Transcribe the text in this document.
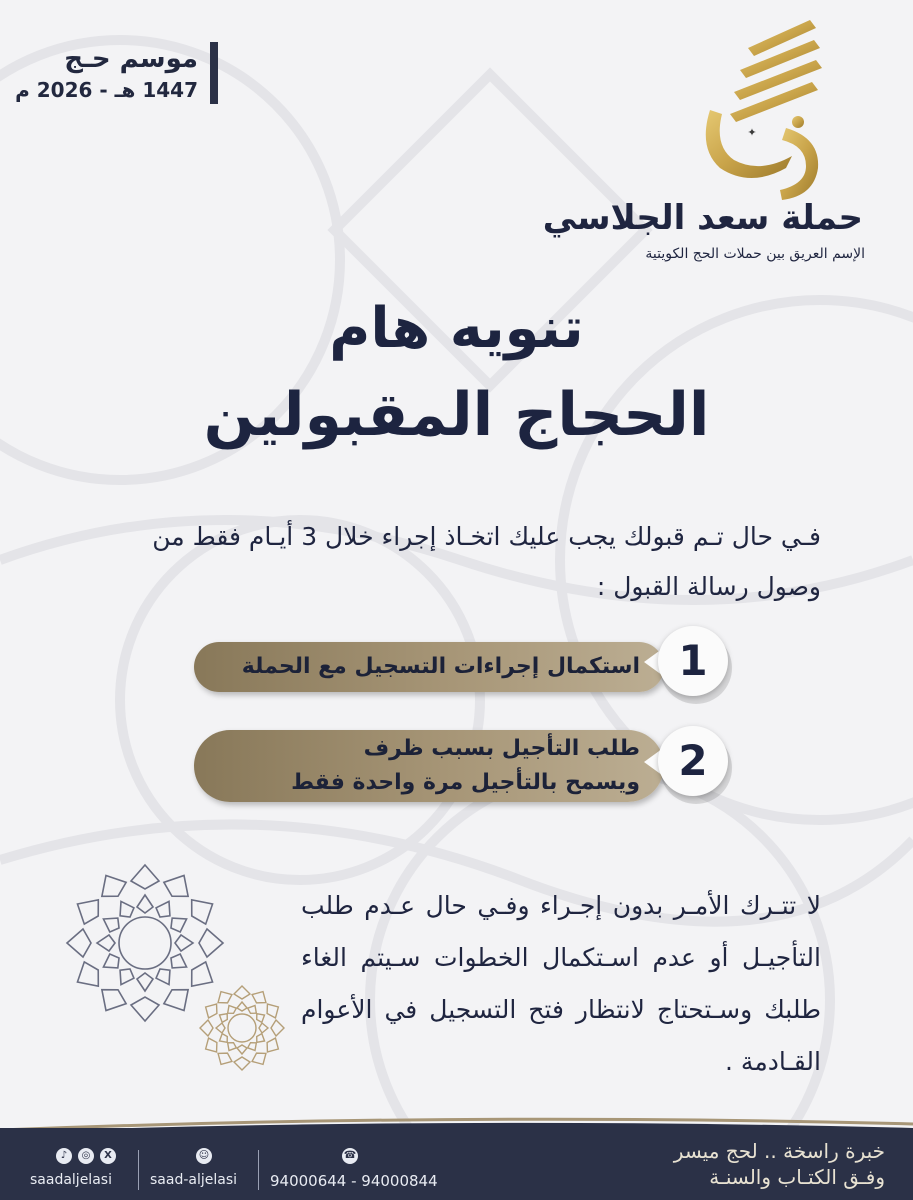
موسم حـج
1447 هـ - 2026 م
✦
حملة سعد الجلاسي
الإسم العريق بين حملات الحج الكويتية
تنويه هام
الحجاج المقبولين
فـي حال تـم قبولك يجب عليك اتخـاذ إجراء خلال 3 أيـام فقط من وصول رسالة القبول :
استكمال إجراءات التسجيل مع الحملة 1
طلب التأجيل بسبب ظرف
ويسمح بالتأجيل مرة واحدة فقط 2
لا تتـرك الأمـر بدون إجـراء وفـي حال عـدم طلب التأجيـل أو عدم اسـتكمال الخطوات سـيتم الغاء طلبك وسـتحتاج لانتظار فتح التسجيل في الأعوام القـادمة .
خبرة راسخة .. لحج ميسر
وفـق الكتـاب والسنـة
☎
94000644 - 94000844
☺
saad-aljelasi
X
◎
♪
saadaljelasi
